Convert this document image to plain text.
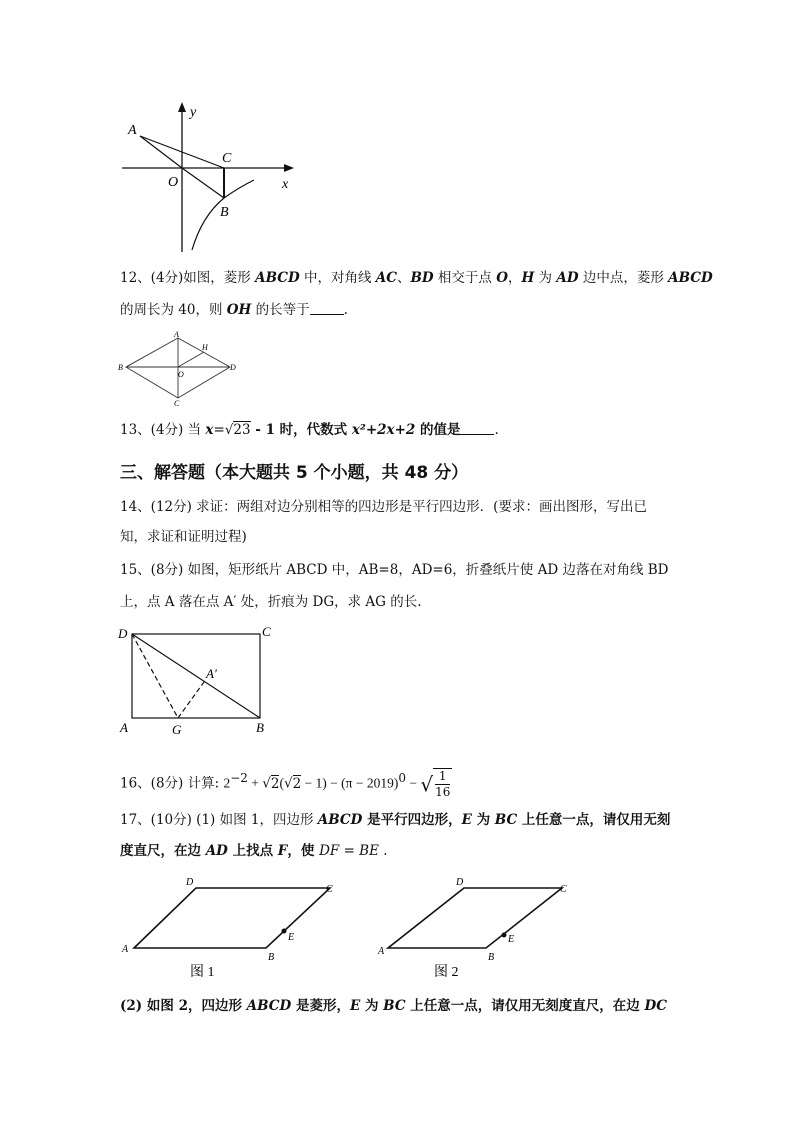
A
y
C
O	x
B
12、(4分)如图，菱形 ABCD 中，对角线 AC、BD 相交于点 O，H 为 AD 边中点，菱形 ABCD
的周长为 40，则 OH 的长等于	.
A
H
B	D
O
C
13、(4分) 当 x=√23 - 1 时，代数式 x²+2x+2 的值是	.
三、解答题（本大题共 5 个小题，共 48 分）
14、(12分) 求证：两组对边分别相等的四边形是平行四边形．(要求：画出图形，写出已
知，求证和证明过程)
15、(8分) 如图，矩形纸片 ABCD 中，AB=8，AD=6，折叠纸片使 AD 边落在对角线 BD
上，点 A 落在点 A′ 处，折痕为 DG，求 AG 的长.
D	C
A′
A	G	B
16、(8分) 计算: $2^{-2} + √2(√2 - 1) - (\pi - 2019)^0$ − √ $\frac{1}{16}$
17、(10分) (1) 如图 1，四边形 ABCD 是平行四边形，E 为 BC 上任意一点，请仅用无刻
度直尺，在边 AD 上找点 F，使 DF = BE .
D
C
A
B
E
图 1
D
C
A
B
E
图 2
(2) 如图 2，四边形 ABCD 是菱形，E 为 BC 上任意一点，请仅用无刻度直尺，在边 DC
